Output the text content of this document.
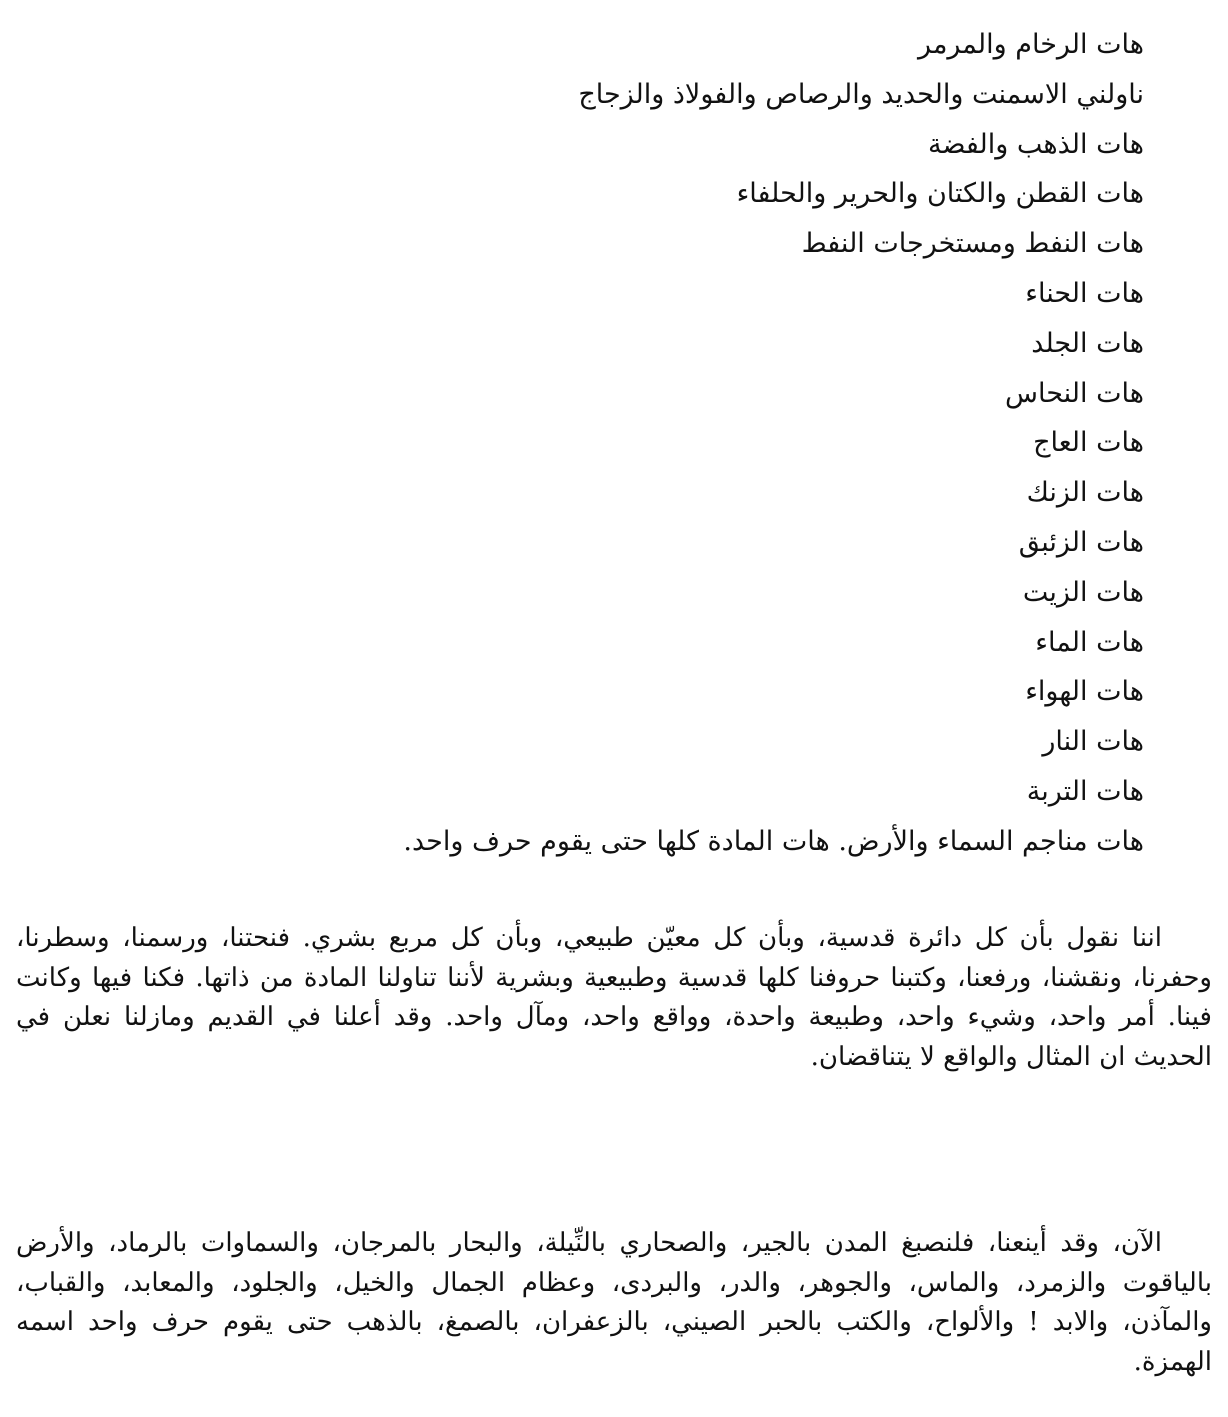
هات الرخام والمرمر
ناولني الاسمنت والحديد والرصاص والفولاذ والزجاج
هات الذهب والفضة
هات القطن والكتان والحرير والحلفاء
هات النفط ومستخرجات النفط
هات الحناء
هات الجلد
هات النحاس
هات العاج
هات الزنك
هات الزئبق
هات الزيت
هات الماء
هات الهواء
هات النار
هات التربة
هات مناجم السماء والأرض. هات المادة كلها حتى يقوم حرف واحد.

اننا نقول بأن كل دائرة قدسية، وبأن كل معيّن طبيعي، وبأن كل مربع بشري. فنحتنا، ورسمنا، وسطرنا، وحفرنا، ونقشنا، ورفعنا، وكتبنا حروفنا كلها قدسية وطبيعية وبشرية لأننا تناولنا المادة من ذاتها. فكنا فيها وكانت فينا. أمر واحد، وشيء واحد، وطبيعة واحدة، وواقع واحد، ومآل واحد. وقد أعلنا في القديم ومازلنا نعلن في الحديث ان المثال والواقع لا يتناقضان.

الآن، وقد أينعنا، فلنصبغ المدن بالجير، والصحاري بالنِّيلة، والبحار بالمرجان، والسماوات بالرماد، والأرض بالياقوت والزمرد، والماس، والجوهر، والدر، والبردى، وعظام الجمال والخيل، والجلود، والمعابد، والقباب، والمآذن، والابد ! والألواح، والكتب بالحبر الصيني، بالزعفران، بالصمغ، بالذهب حتى يقوم حرف واحد اسمه الهمزة.
